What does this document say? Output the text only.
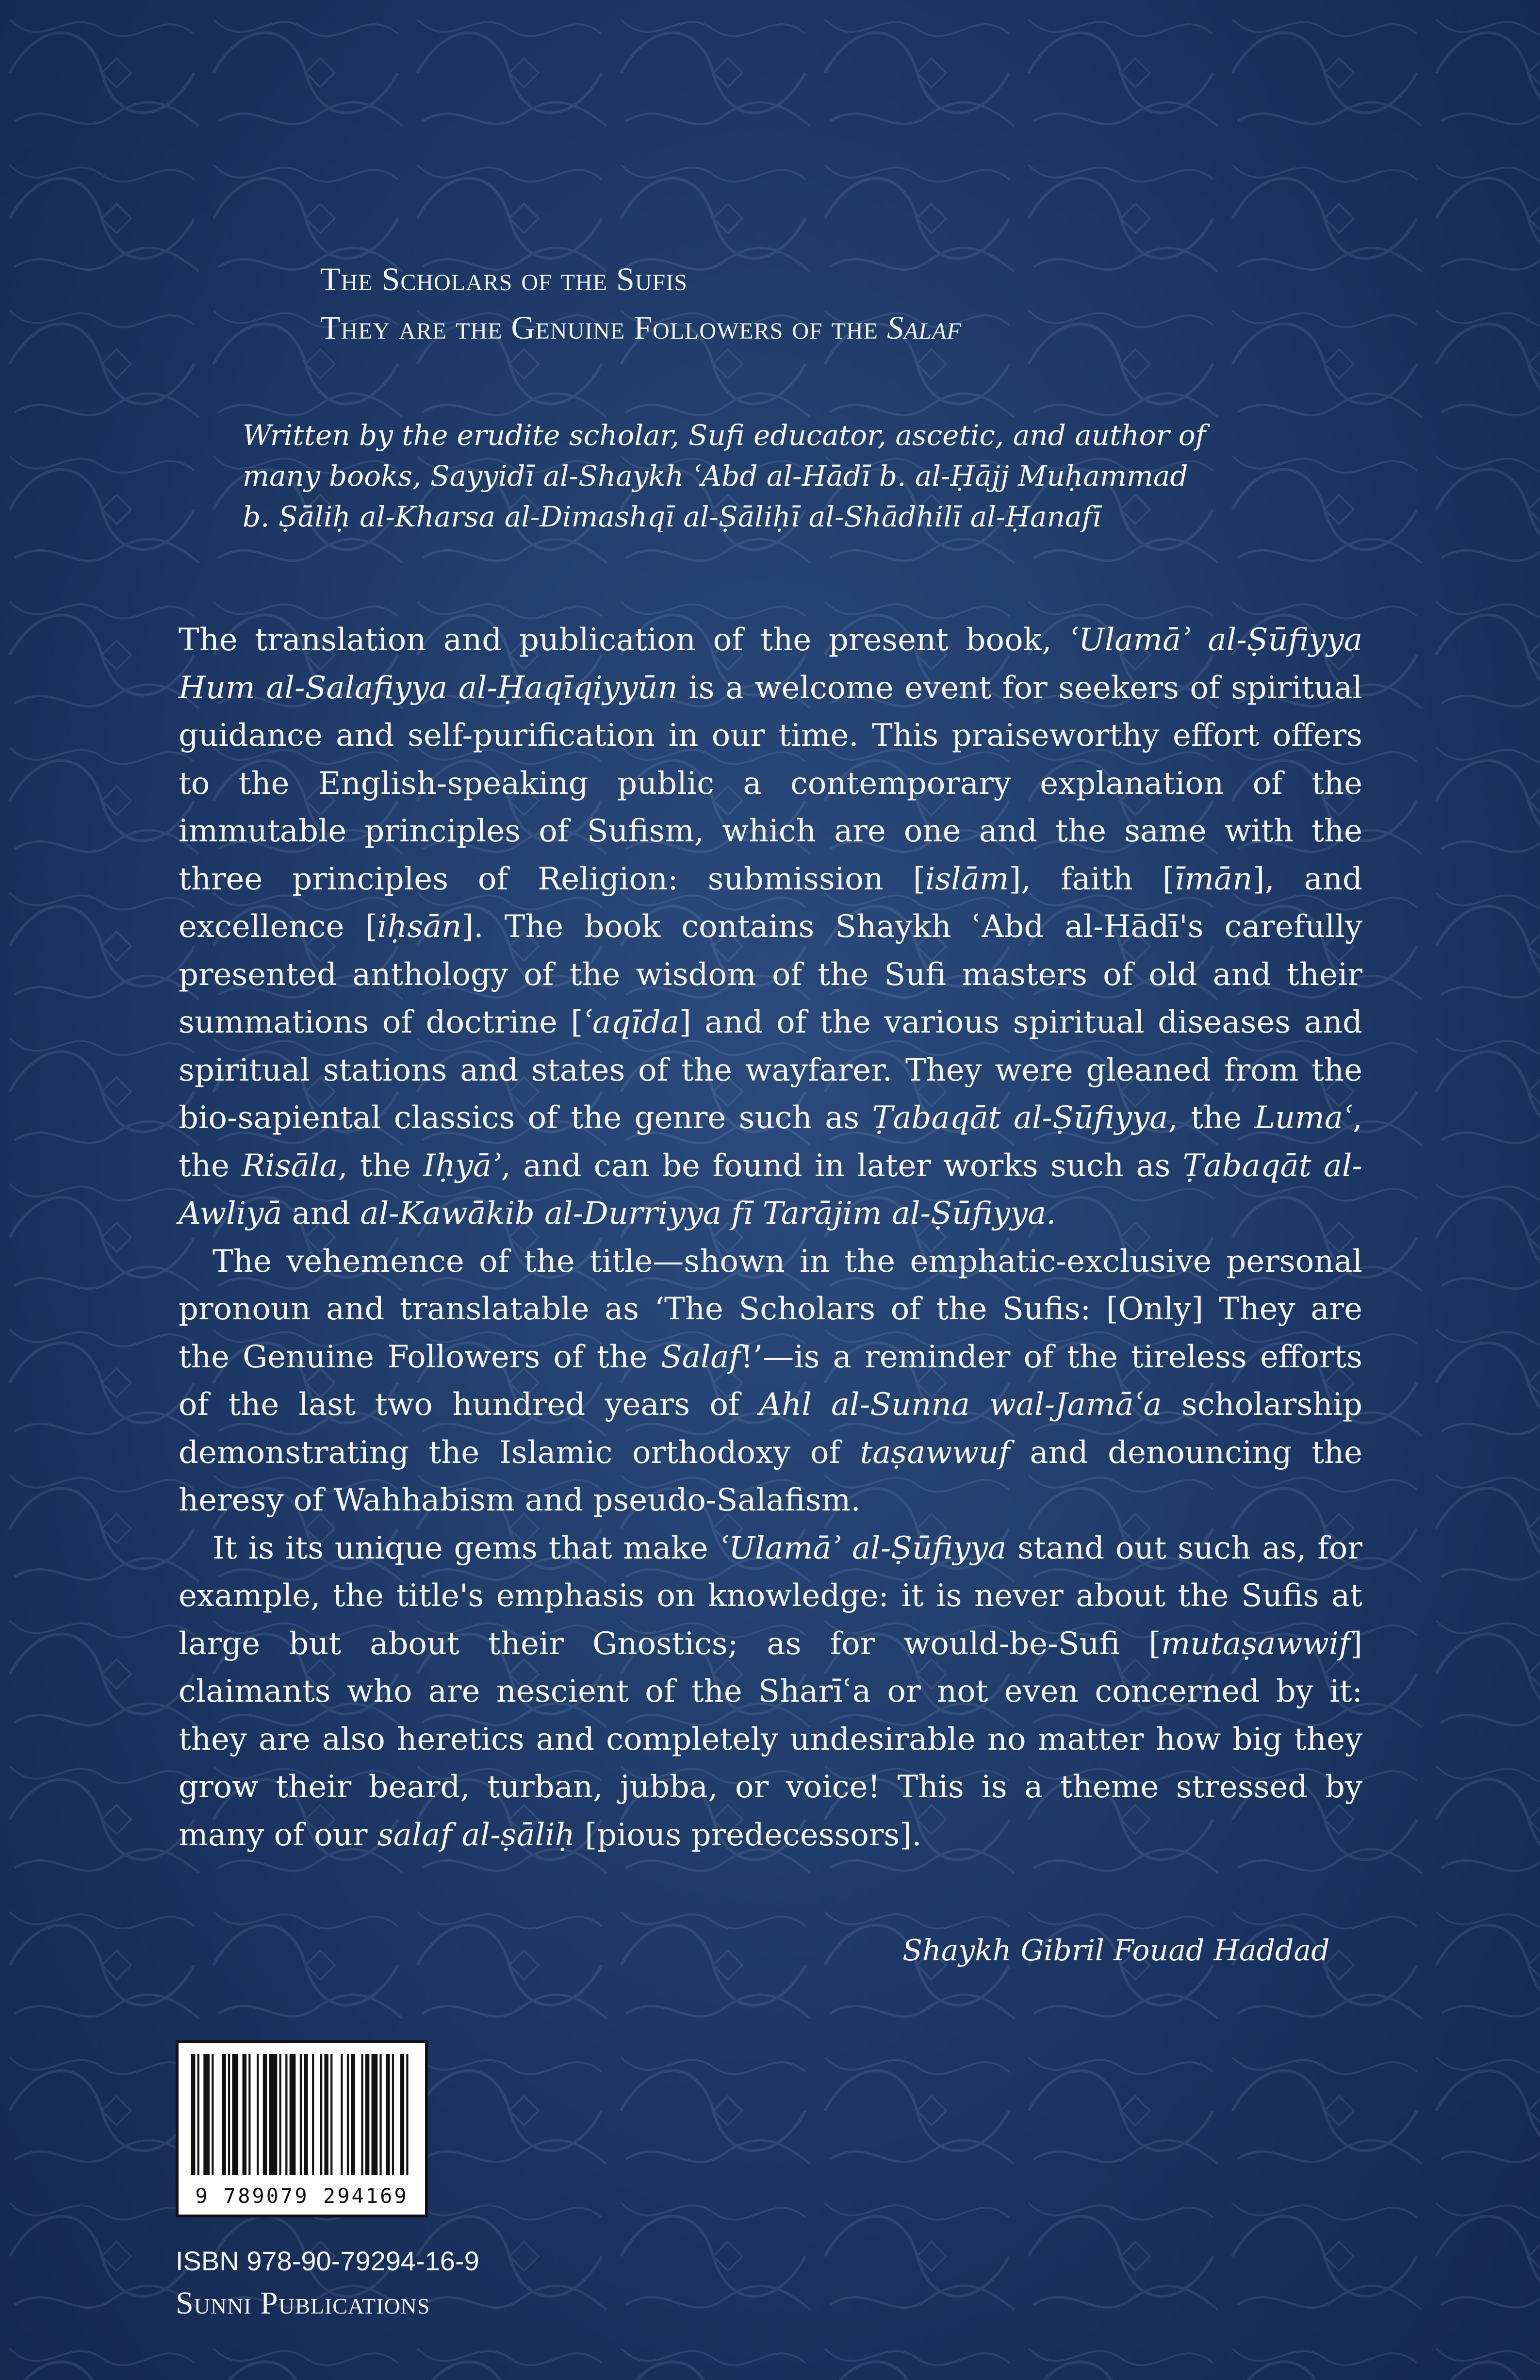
The Scholars of the Sufis
They are the Genuine Followers of the Salaf
Written by the erudite scholar, Sufi educator, ascetic, and author of
many books, Sayyidī al-Shaykh ʿAbd al-Hādī b. al-Ḥājj Muḥammad
b. Ṣāliḥ al-Kharsa al-Dimashqī al-Ṣāliḥī al-Shādhilī al-Ḥanafī

The translation and publication of the present book, ʿUlamāʾ al-Ṣūfiyya Hum al-Salafiyya al-Ḥaqīqiyyūn is a welcome event for seekers of spiritual guidance and self-purification in our time. This praiseworthy effort offers to the English-speaking public a contemporary explanation of the immutable principles of Sufism, which are one and the same with the three principles of Religion: submission [islām], faith [īmān], and excellence [iḥsān]. The book contains Shaykh ʿAbd al-Hādī's carefully presented anthology of the wisdom of the Sufi masters of old and their summations of doctrine [ʿaqīda] and of the various spiritual diseases and spiritual stations and states of the wayfarer. They were gleaned from the bio-sapiental classics of the genre such as Ṭabaqāt al-Ṣūfiyya, the Lumaʿ, the Risāla, the Iḥyāʾ, and can be found in later works such as Ṭabaqāt al-Awliyā and al-Kawākib al-Durriyya fī Tarājim al-Ṣūfiyya.

The vehemence of the title—shown in the emphatic-exclusive personal pronoun and translatable as ‘The Scholars of the Sufis: [Only] They are the Genuine Followers of the Salaf!’—is a reminder of the tireless efforts of the last two hundred years of Ahl al-Sunna wal-Jamāʿa scholarship demonstrating the Islamic orthodoxy of taṣawwuf and denouncing the heresy of Wahhabism and pseudo-Salafism.

It is its unique gems that make ʿUlamāʾ al-Ṣūfiyya stand out such as, for example, the title's emphasis on knowledge: it is never about the Sufis at large but about their Gnostics; as for would-be-Sufi [mutaṣawwif] claimants who are nescient of the Sharīʿa or not even concerned by it: they are also heretics and completely undesirable no matter how big they grow their beard, turban, jubba, or voice! This is a theme stressed by many of our salaf al-ṣāliḥ [pious predecessors].

Shaykh Gibril Fouad Haddad
9 789079 294169
ISBN 978-90-79294-16-9
Sunni Publications
